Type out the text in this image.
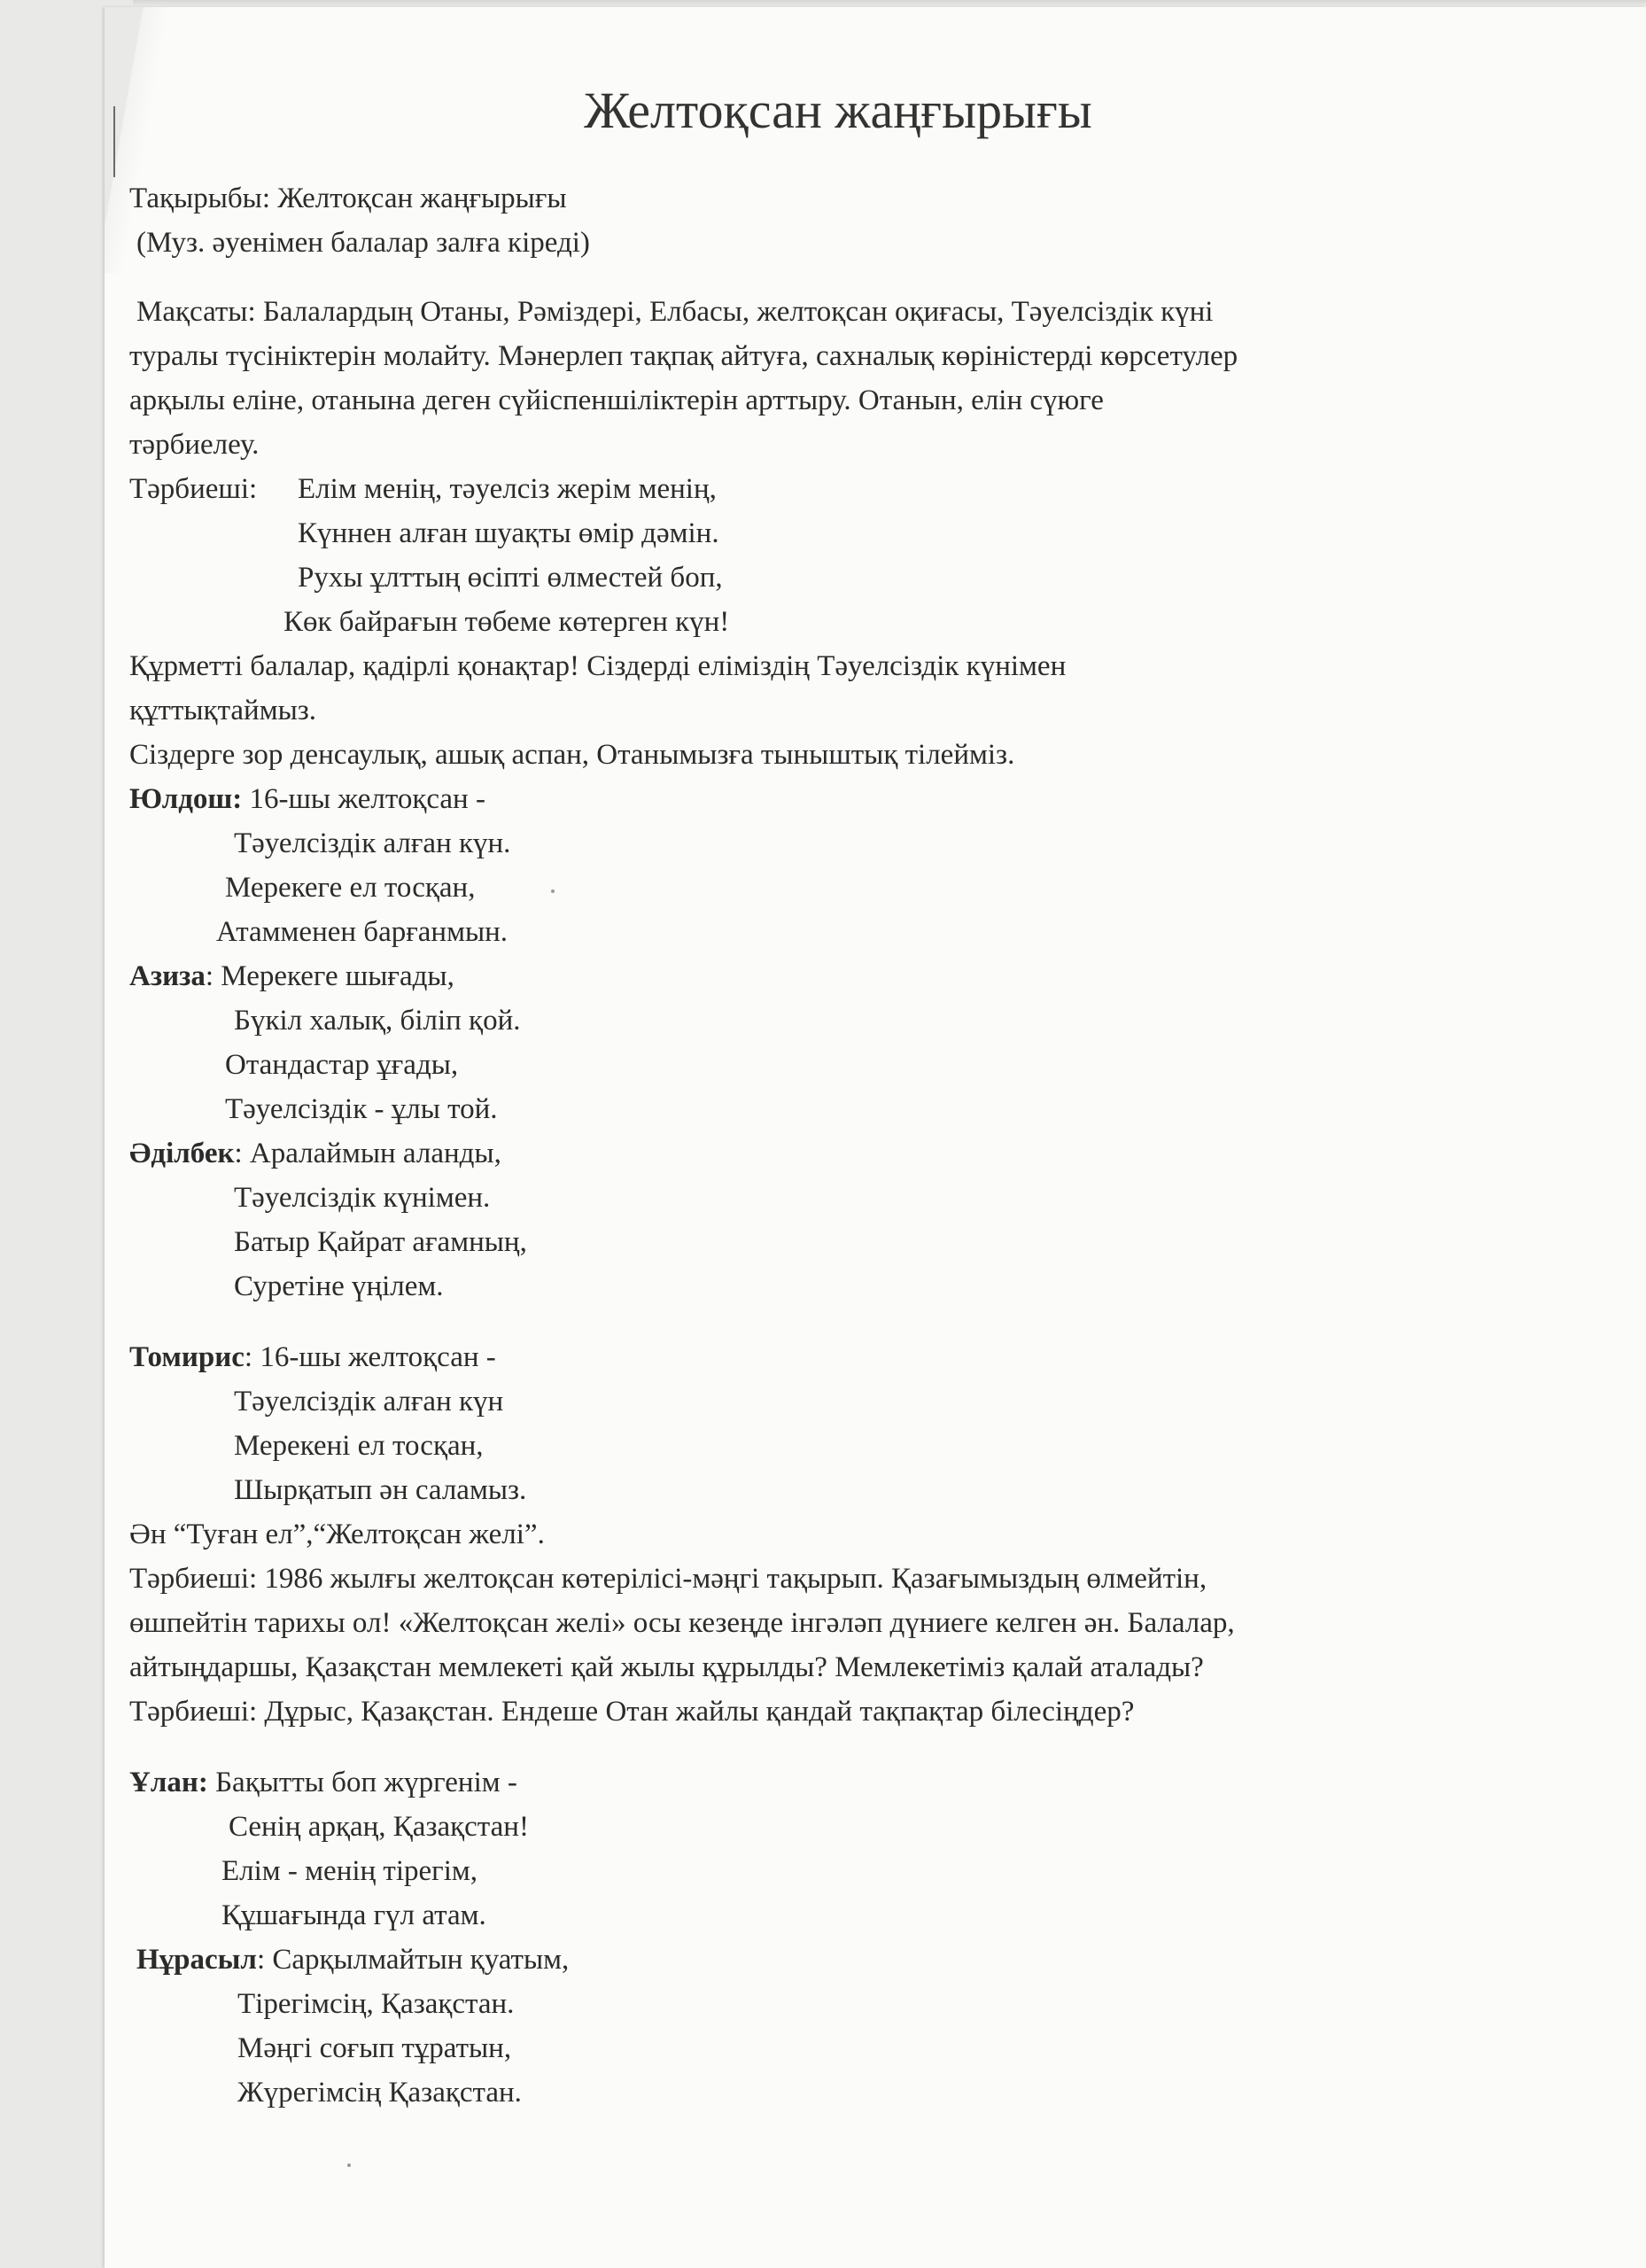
Желтоқсан жаңғырығы
Тақырыбы: Желтоқсан жаңғырығы
(Муз. әуенімен балалар залға кіреді)
Мақсаты: Балалардың Отаны, Рәміздері, Елбасы, желтоқсан оқиғасы, Тәуелсіздік күні
туралы түсініктерін молайту. Мәнерлеп тақпақ айтуға, сахналық көріністерді көрсетулер
арқылы еліне, отанына деген сүйіспеншіліктерін арттыру. Отанын, елін сүюге
тәрбиелеу.
Тәрбиеші: Елім менің, тәуелсіз жерім менің,
Күннен алған шуақты өмір дәмін.
Рухы ұлттың өсіпті өлместей боп,
Көк байрағын төбеме көтерген күн!
Құрметті балалар, қадірлі қонақтар! Сіздерді еліміздің Тәуелсіздік күнімен
құттықтаймыз.
Сіздерге зор денсаулық, ашық аспан, Отанымызға тыныштық тілейміз.
Юлдош: 16-шы желтоқсан -
Тәуелсіздік алған күн.
Мерекеге ел тосқан,
Атамменен барғанмын.
Азиза: Мерекеге шығады,
Бүкіл халық, біліп қой.
Отандастар ұғады,
Тәуелсіздік - ұлы той.
Әділбек: Аралаймын аланды,
Тәуелсіздік күнімен.
Батыр Қайрат ағамның,
Суретіне үңілем.
Томирис: 16-шы желтоқсан -
Тәуелсіздік алған күн
Мерекені ел тосқан,
Шырқатып ән саламыз.
Ән “Туған ел”,“Желтоқсан желі”.
Тәрбиеші: 1986 жылғы желтоқсан көтерілісі-мәңгі тақырып. Қазағымыздың өлмейтін,
өшпейтін тарихы ол! «Желтоқсан желі» осы кезеңде інгәләп дүниеге келген ән. Балалар,
айтыңдаршы, Қазақстан мемлекеті қай жылы құрылды? Мемлекетіміз қалай аталады?
Тәрбиеші: Дұрыс, Қазақстан. Ендеше Отан жайлы қандай тақпақтар білесіңдер?
Ұлан: Бақытты боп жүргенім -
Сенің арқаң, Қазақстан!
Елім - менің тірегім,
Құшағында гүл атам.
Нұрасыл: Сарқылмайтын қуатым,
Тірегімсің, Қазақстан.
Мәңгі соғып тұратын,
Жүрегімсің Қазақстан.
